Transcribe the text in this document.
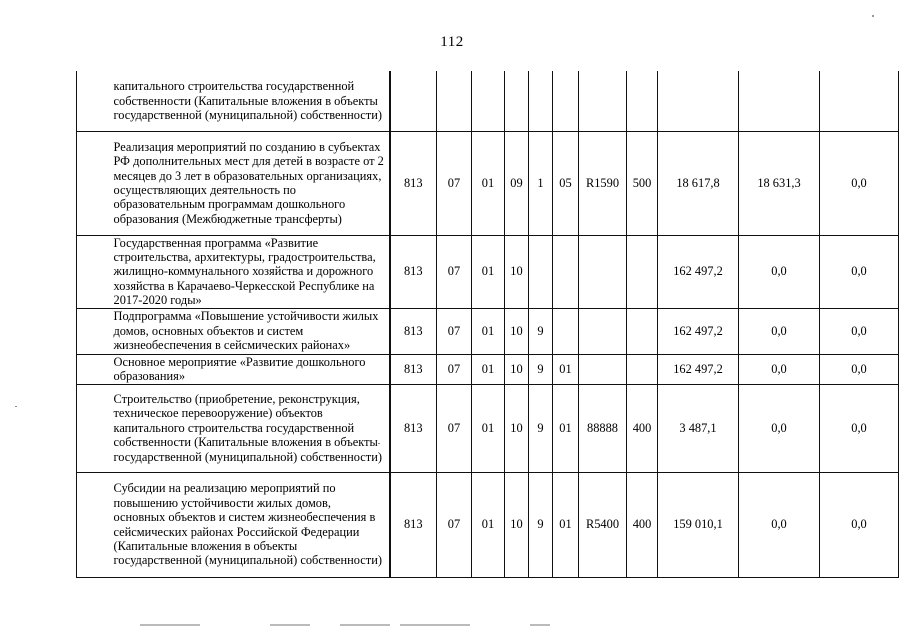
112
	капитального строительства государственной собственности (Капитальные вложения в объекты государственной (муниципальной) собственности)											
	Реализация мероприятий по созданию в субъектах РФ дополнительных мест для детей в возрасте от 2 месяцев до 3 лет в образовательных организациях, осуществляющих деятельность по образовательным программам дошкольного образования (Межбюджетные трансферты)	813	07	01	09	1	05	R1590	500	18 617,8	18 631,3	0,0
	Государственная программа «Развитие строительства, архитектуры, градостроительства, жилищно-коммунального хозяйства и дорожного хозяйства в Карачаево-Черкесской Республике на 2017-2020 годы»	813	07	01	10					162 497,2	0,0	0,0
	Подпрограмма «Повышение устойчивости жилых домов, основных объектов и систем жизнеобеспечения в сейсмических районах»	813	07	01	10	9				162 497,2	0,0	0,0
	Основное мероприятие «Развитие дошкольного образования»	813	07	01	10	9	01			162 497,2	0,0	0,0
	Строительство (приобретение, реконструкция, техническое перевооружение) объектов капитального строительства государственной собственности (Капитальные вложения в объекты государственной (муниципальной) собственности)	813	07	01	10	9	01	88888	400	3 487,1	0,0	0,0
	Субсидии на реализацию мероприятий по повышению устойчивости жилых домов, основных объектов и систем жизнеобеспечения в сейсмических районах Российской Федерации (Капитальные вложения в объекты государственной (муниципальной) собственности)	813	07	01	10	9	01	R5400	400	159 010,1	0,0	0,0
